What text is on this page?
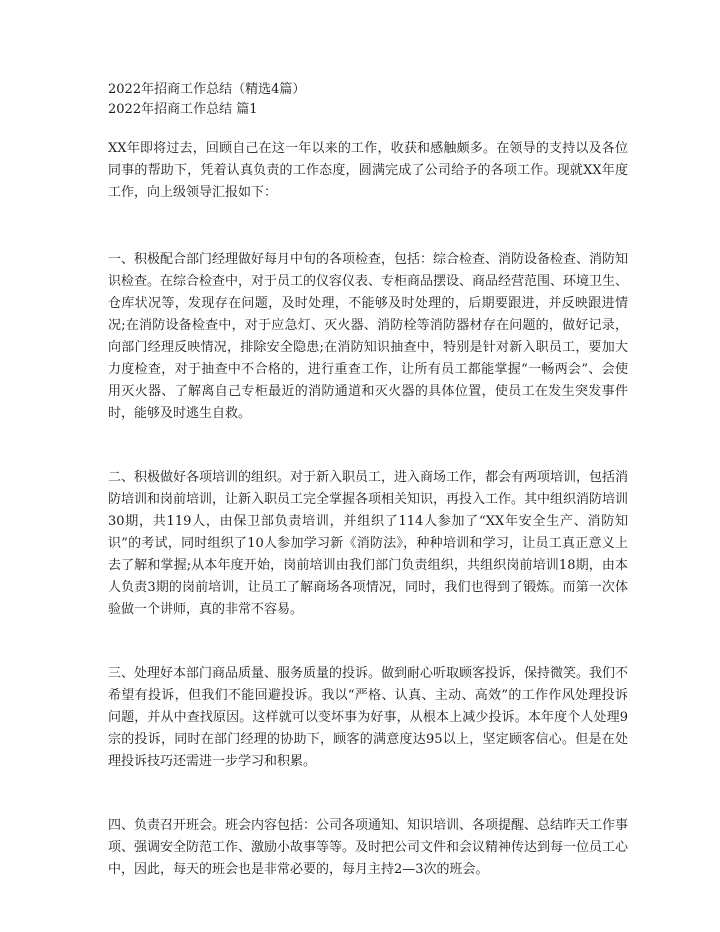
2022年招商工作总结（精选4篇）

2022年招商工作总结 篇1

XX年即将过去，回顾自己在这一年以来的工作，收获和感触颇多。在领导的支持以及各位同事的帮助下，凭着认真负责的工作态度，圆满完成了公司给予的各项工作。现就XX年度工作，向上级领导汇报如下：

一、积极配合部门经理做好每月中旬的各项检查，包括：综合检查、消防设备检查、消防知识检查。在综合检查中，对于员工的仪容仪表、专柜商品摆设、商品经营范围、环境卫生、仓库状况等，发现存在问题，及时处理，不能够及时处理的，后期要跟进，并反映跟进情况;在消防设备检查中，对于应急灯、灭火器、消防栓等消防器材存在问题的，做好记录，向部门经理反映情况，排除安全隐患;在消防知识抽查中，特别是针对新入职员工，要加大力度检查，对于抽查中不合格的，进行重查工作，让所有员工都能掌握“一畅两会”、会使用灭火器、了解离自己专柜最近的消防通道和灭火器的具体位置，使员工在发生突发事件时，能够及时逃生自救。

二、积极做好各项培训的组织。对于新入职员工，进入商场工作，都会有两项培训，包括消防培训和岗前培训，让新入职员工完全掌握各项相关知识，再投入工作。其中组织消防培训30期，共119人，由保卫部负责培训，并组织了114人参加了“XX年安全生产、消防知识”的考试，同时组织了10人参加学习新《消防法》，种种培训和学习，让员工真正意义上去了解和掌握;从本年度开始，岗前培训由我们部门负责组织，共组织岗前培训18期，由本人负责3期的岗前培训，让员工了解商场各项情况，同时，我们也得到了锻炼。而第一次体验做一个讲师，真的非常不容易。

三、处理好本部门商品质量、服务质量的投诉。做到耐心听取顾客投诉，保持微笑。我们不希望有投诉，但我们不能回避投诉。我以“严格、认真、主动、高效”的工作作风处理投诉问题，并从中查找原因。这样就可以变坏事为好事，从根本上减少投诉。本年度个人处理9宗的投诉，同时在部门经理的协助下，顾客的满意度达95以上，坚定顾客信心。但是在处理投诉技巧还需进一步学习和积累。

四、负责召开班会。班会内容包括：公司各项通知、知识培训、各项提醒、总结昨天工作事项、强调安全防范工作、激励小故事等等。及时把公司文件和会议精神传达到每一位员工心中，因此，每天的班会也是非常必要的，每月主持2—3次的班会。
